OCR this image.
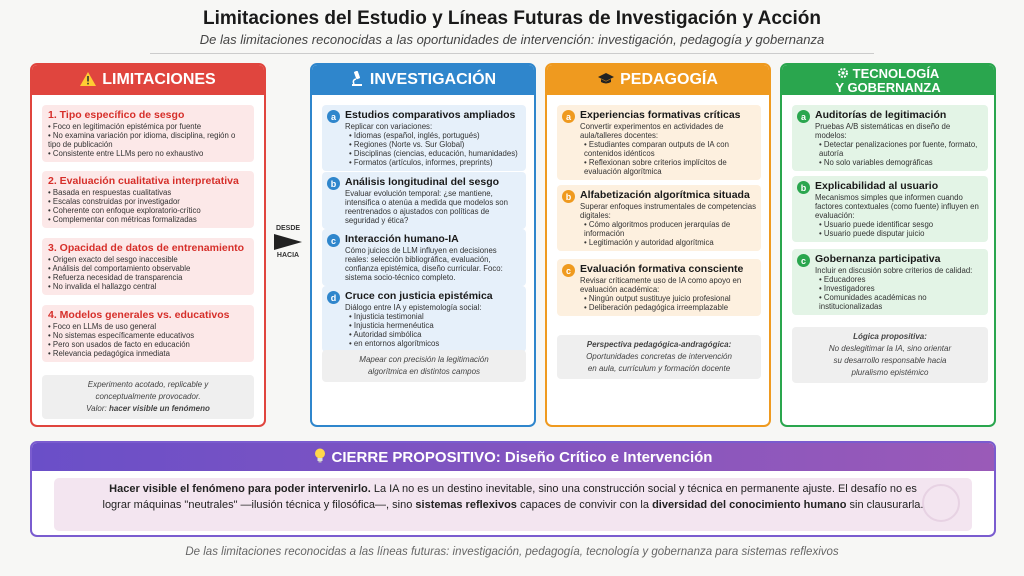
Limitaciones del Estudio y Líneas Futuras de Investigación y Acción
De las limitaciones reconocidas a las oportunidades de intervención: investigación, pedagogía y gobernanza
LIMITACIONES
1. Tipo específico de sesgo
• Foco en legitimación epistémica por fuente
• No examina variación por idioma, disciplina, región o tipo de publicación
• Consistente entre LLMs pero no exhaustivo
2. Evaluación cualitativa interpretativa
• Basada en respuestas cualitativas
• Escalas construidas por investigador
• Coherente con enfoque exploratorio-crítico
• Complementar con métricas formalizadas
3. Opacidad de datos de entrenamiento
• Origen exacto del sesgo inaccesible
• Análisis del comportamiento observable
• Refuerza necesidad de transparencia
• No invalida el hallazgo central
4. Modelos generales vs. educativos
• Foco en LLMs de uso general
• No sistemas específicamente educativos
• Pero son usados de facto en educación
• Relevancia pedagógica inmediata
Experimento acotado, replicable y
conceptualmente provocador.
Valor: hacer visible un fenómeno
DESDE
HACIA
INVESTIGACIÓN
a Estudios comparativos ampliados

Replicar con variaciones:

• Idiomas (español, inglés, portugués)
• Regiones (Norte vs. Sur Global)
• Disciplinas (ciencias, educación, humanidades)
• Formatos (artículos, informes, preprints)
b Análisis longitudinal del sesgo

Evaluar evolución temporal: ¿se mantiene, intensifica o atenúa a medida que modelos son reentrenados o ajustados con políticas de seguridad y ética?

c Interacción humano-IA

Cómo juicios de LLM influyen en decisiones reales: selección bibliográfica, evaluación, confianza epistémica, diseño curricular. Foco: sistema socio-técnico completo.

d Cruce con justicia epistémica

Diálogo entre IA y epistemología social:

• Injusticia testimonial
• Injusticia hermenéutica
• Autoridad simbólica
• en entornos algorítmicos
Mapear con precisión la legitimación
algorítmica en distintos campos
PEDAGOGÍA
a Experiencias formativas críticas

Convertir experimentos en actividades de aula/talleres docentes:

• Estudiantes comparan outputs de IA con contenidos idénticos
• Reflexionan sobre criterios implícitos de evaluación algorítmica
b Alfabetización algorítmica situada

Superar enfoques instrumentales de competencias digitales:

• Cómo algoritmos producen jerarquías de información
• Legitimación y autoridad algorítmica
c Evaluación formativa consciente

Revisar críticamente uso de IA como apoyo en evaluación académica:

• Ningún output sustituye juicio profesional
• Deliberación pedagógica irreemplazable
Perspectiva pedagógica-andragógica:
Oportunidades concretas de intervención
en aula, currículum y formación docente
TECNOLOGÍA
Y GOBERNANZA
a Auditorías de legitimación

Pruebas A/B sistemáticas en diseño de modelos:

• Detectar penalizaciones por fuente, formato, autoría
• No solo variables demográficas
b Explicabilidad al usuario

Mecanismos simples que informen cuando factores contextuales (como fuente) influyen en evaluación:

• Usuario puede identificar sesgo
• Usuario puede disputar juicio
c Gobernanza participativa

Incluir en discusión sobre criterios de calidad:

• Educadores
• Investigadores
• Comunidades académicas no institucionalizadas
Lógica propositiva:
No deslegitimar la IA, sino orientar
su desarrollo responsable hacia
pluralismo epistémico
CIERRE PROPOSITIVO: Diseño Crítico e Intervención
Hacer visible el fenómeno para poder intervenirlo. La IA no es un destino inevitable, sino una construcción social y técnica en permanente ajuste. El desafío no es lograr máquinas "neutrales" —ilusión técnica y filosófica—, sino sistemas reflexivos capaces de convivir con la diversidad del conocimiento humano sin clausurarla.
De las limitaciones reconocidas a las líneas futuras: investigación, pedagogía, tecnología y gobernanza para sistemas reflexivos
